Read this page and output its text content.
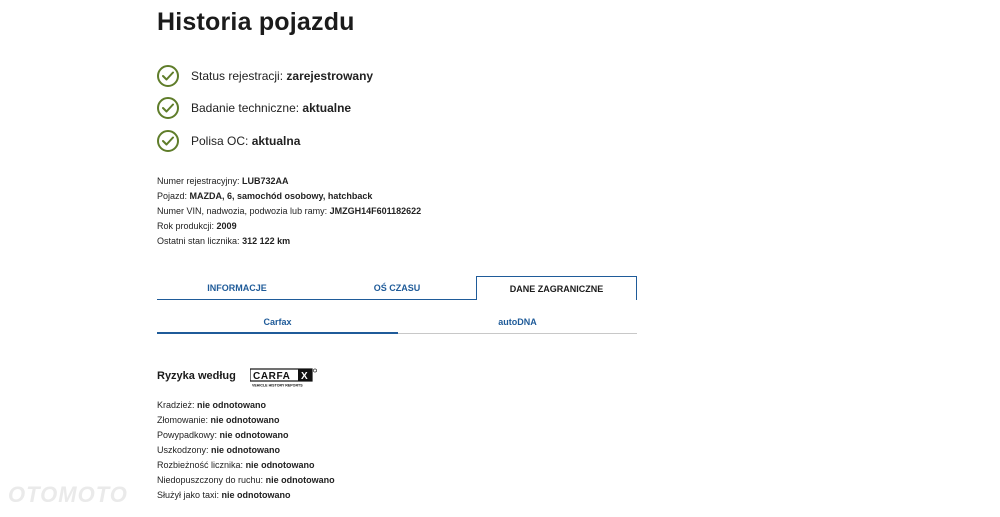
Historia pojazdu
Status rejestracji: zarejestrowany
Badanie techniczne: aktualne
Polisa OC: aktualna
Numer rejestracyjny: LUB732AA
Pojazd: MAZDA, 6, samochód osobowy, hatchback
Numer VIN, nadwozia, podwozia lub ramy: JMZGH14F601182622
Rok produkcji: 2009
Ostatni stan licznika: 312 122 km
INFORMACJE	OŚ CZASU	DANE ZAGRANICZNE
Carfax	autoDNA
Ryzyka według CARFA X
VEHICLE HISTORY REPORTS
Kradzież: nie odnotowano
Złomowanie: nie odnotowano
Powypadkowy: nie odnotowano
Uszkodzony: nie odnotowano
Rozbieżność licznika: nie odnotowano
Niedopuszczony do ruchu: nie odnotowano
Służył jako taxi: nie odnotowano
OTOMOTO
